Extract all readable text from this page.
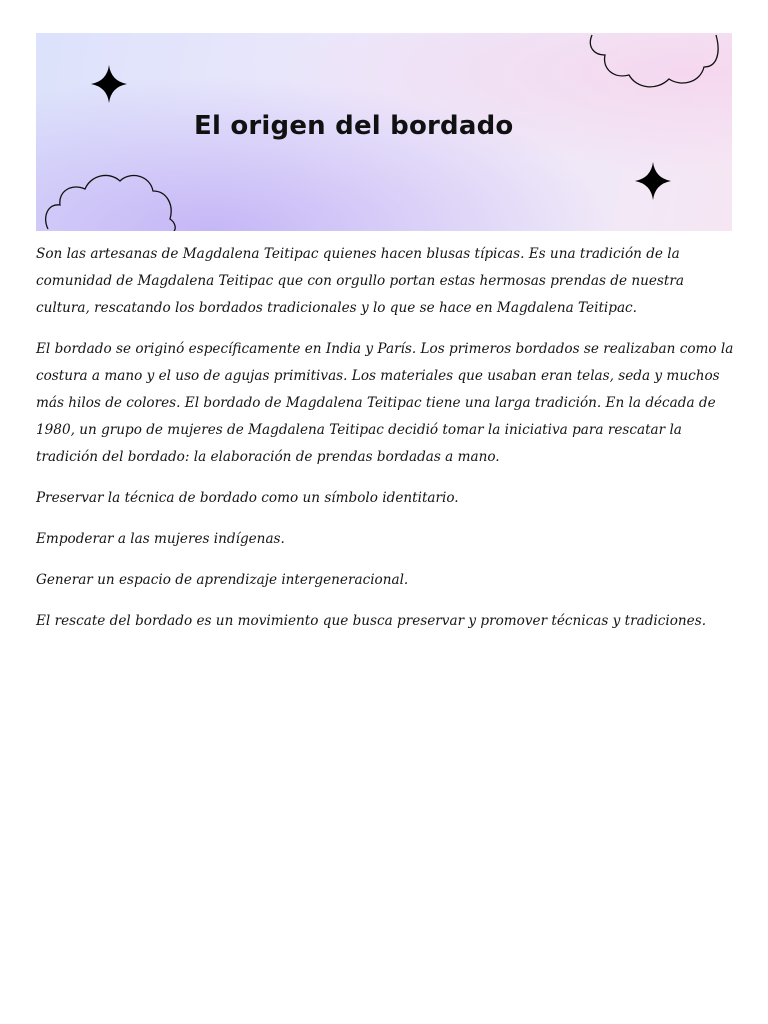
El origen del bordado

Son las artesanas de Magdalena Teitipac quienes hacen blusas típicas. Es una tradición de la comunidad de Magdalena Teitipac que con orgullo portan estas hermosas prendas de nuestra cultura, rescatando los bordados tradicionales y lo que se hace en Magdalena Teitipac.

El bordado se originó específicamente en India y París. Los primeros bordados se realizaban como la costura a mano y el uso de agujas primitivas. Los materiales que usaban eran telas, seda y muchos más hilos de colores. El bordado de Magdalena Teitipac tiene una larga tradición. En la década de 1980, un grupo de mujeres de Magdalena Teitipac decidió tomar la iniciativa para rescatar la tradición del bordado: la elaboración de prendas bordadas a mano.

Preservar la técnica de bordado como un símbolo identitario.

Empoderar a las mujeres indígenas.

Generar un espacio de aprendizaje intergeneracional.

El rescate del bordado es un movimiento que busca preservar y promover técnicas y tradiciones.
